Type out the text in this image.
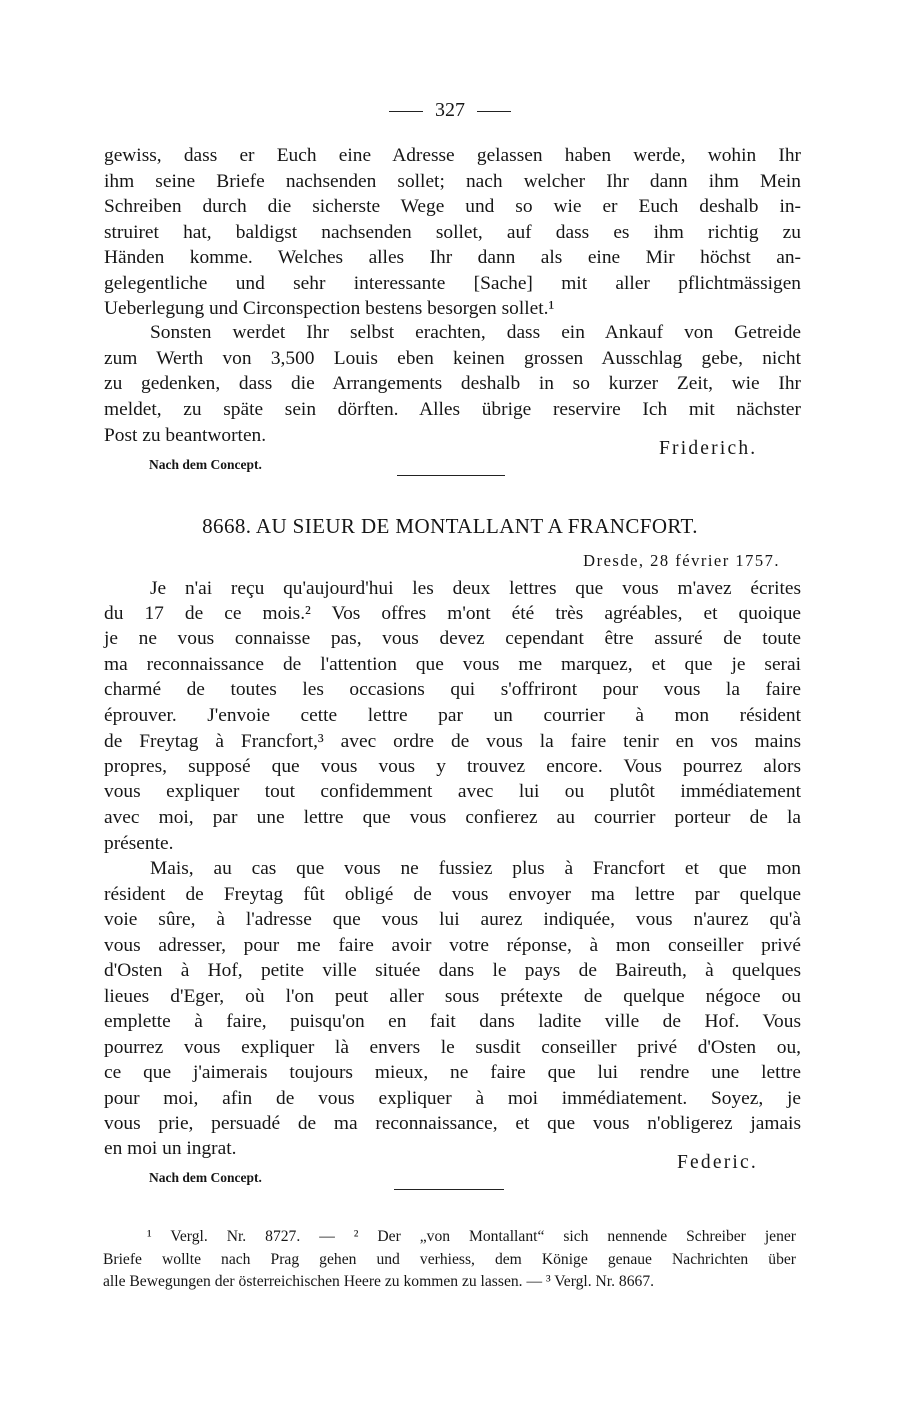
327
gewiss, dass er Euch eine Adresse gelassen haben werde, wohin Ihr
ihm seine Briefe nachsenden sollet; nach welcher Ihr dann ihm Mein
Schreiben durch die sicherste Wege und so wie er Euch deshalb in-
struiret hat, baldigst nachsenden sollet, auf dass es ihm richtig zu
Händen komme. Welches alles Ihr dann als eine Mir höchst an-
gelegentliche und sehr interessante [Sache] mit aller pflichtmässigen
Ueberlegung und Circonspection bestens besorgen sollet.¹
Sonsten werdet Ihr selbst erachten, dass ein Ankauf von Getreide
zum Werth von 3,500 Louis eben keinen grossen Ausschlag gebe, nicht
zu gedenken, dass die Arrangements deshalb in so kurzer Zeit, wie Ihr
meldet, zu späte sein dörften. Alles übrige reservire Ich mit nächster
Post zu beantworten.
Friderich.
Nach dem Concept.
8668. AU SIEUR DE MONTALLANT A FRANCFORT.
Dresde, 28 février 1757.
Je n'ai reçu qu'aujourd'hui les deux lettres que vous m'avez écrites
du 17 de ce mois.² Vos offres m'ont été très agréables, et quoique
je ne vous connaisse pas, vous devez cependant être assuré de toute
ma reconnaissance de l'attention que vous me marquez, et que je serai
charmé de toutes les occasions qui s'offriront pour vous la faire
éprouver. J'envoie cette lettre par un courrier à mon résident
de Freytag à Francfort,³ avec ordre de vous la faire tenir en vos mains
propres, supposé que vous vous y trouvez encore. Vous pourrez alors
vous expliquer tout confidemment avec lui ou plutôt immédiatement
avec moi, par une lettre que vous confierez au courrier porteur de la
présente.
Mais, au cas que vous ne fussiez plus à Francfort et que mon
résident de Freytag fût obligé de vous envoyer ma lettre par quelque
voie sûre, à l'adresse que vous lui aurez indiquée, vous n'aurez qu'à
vous adresser, pour me faire avoir votre réponse, à mon conseiller privé
d'Osten à Hof, petite ville située dans le pays de Baireuth, à quelques
lieues d'Eger, où l'on peut aller sous prétexte de quelque négoce ou
emplette à faire, puisqu'on en fait dans ladite ville de Hof. Vous
pourrez vous expliquer là envers le susdit conseiller privé d'Osten ou,
ce que j'aimerais toujours mieux, ne faire que lui rendre une lettre
pour moi, afin de vous expliquer à moi immédiatement. Soyez, je
vous prie, persuadé de ma reconnaissance, et que vous n'obligerez jamais
en moi un ingrat.
Federic.
Nach dem Concept.
¹ Vergl. Nr. 8727. — ² Der „von Montallant“ sich nennende Schreiber jener
Briefe wollte nach Prag gehen und verhiess, dem Könige genaue Nachrichten über
alle Bewegungen der österreichischen Heere zu kommen zu lassen. — ³ Vergl. Nr. 8667.
